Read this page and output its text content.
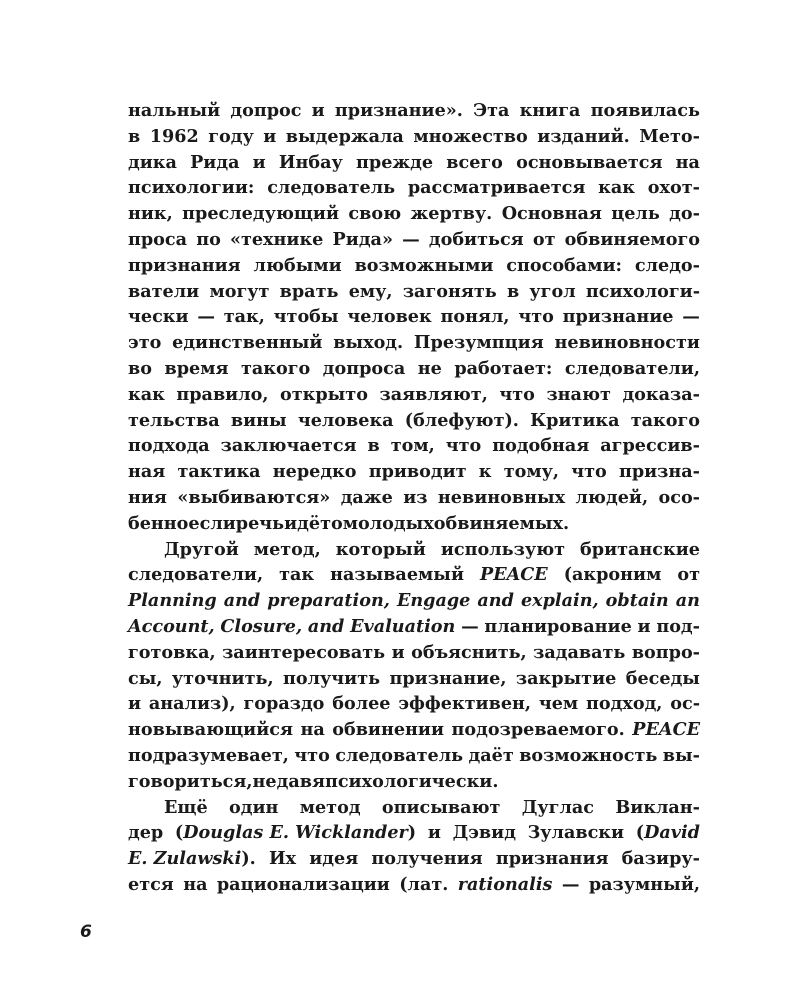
нальный допрос и признание». Эта книга появилась
в 1962 году и выдержала множество изданий. Мето-
дика Рида и Инбау прежде всего основывается на
психологии: следователь рассматривается как охот-
ник, преследующий свою жертву. Основная цель до-
проса по «технике Рида» — добиться от обвиняемого
признания любыми возможными способами: следо-
ватели могут врать ему, загонять в угол психологи-
чески — так, чтобы человек понял, что признание —
это единственный выход. Презумпция невиновности
во время такого допроса не работает: следователи,
как правило, открыто заявляют, что знают доказа-
тельства вины человека (блефуют). Критика такого
подхода заключается в том, что подобная агрессив-
ная тактика нередко приводит к тому, что призна-
ния «выбиваются» даже из невиновных людей, осо-
бенно если речь идёт о молодых обвиняемых.
Другой метод, который используют британские
следователи, так называемый PEACE (акроним от
Planning and preparation, Engage and explain, obtain an
Account, Closure, and Evaluation — планирование и под-
готовка, заинтересовать и объяснить, задавать вопро-
сы, уточнить, получить признание, закрытие беседы
и анализ), гораздо более эффективен, чем подход, ос-
новывающийся на обвинении подозреваемого. PEACE
подразумевает, что следователь даёт возможность вы-
говориться, не давя психологически.
Ещё один метод описывают Дуглас Виклан-
дер (Douglas E. Wicklander) и Дэвид Зулавски (David
E. Zulawski). Их идея получения признания базиру-
ется на рационализации (лат. rationalis — разумный,
6
